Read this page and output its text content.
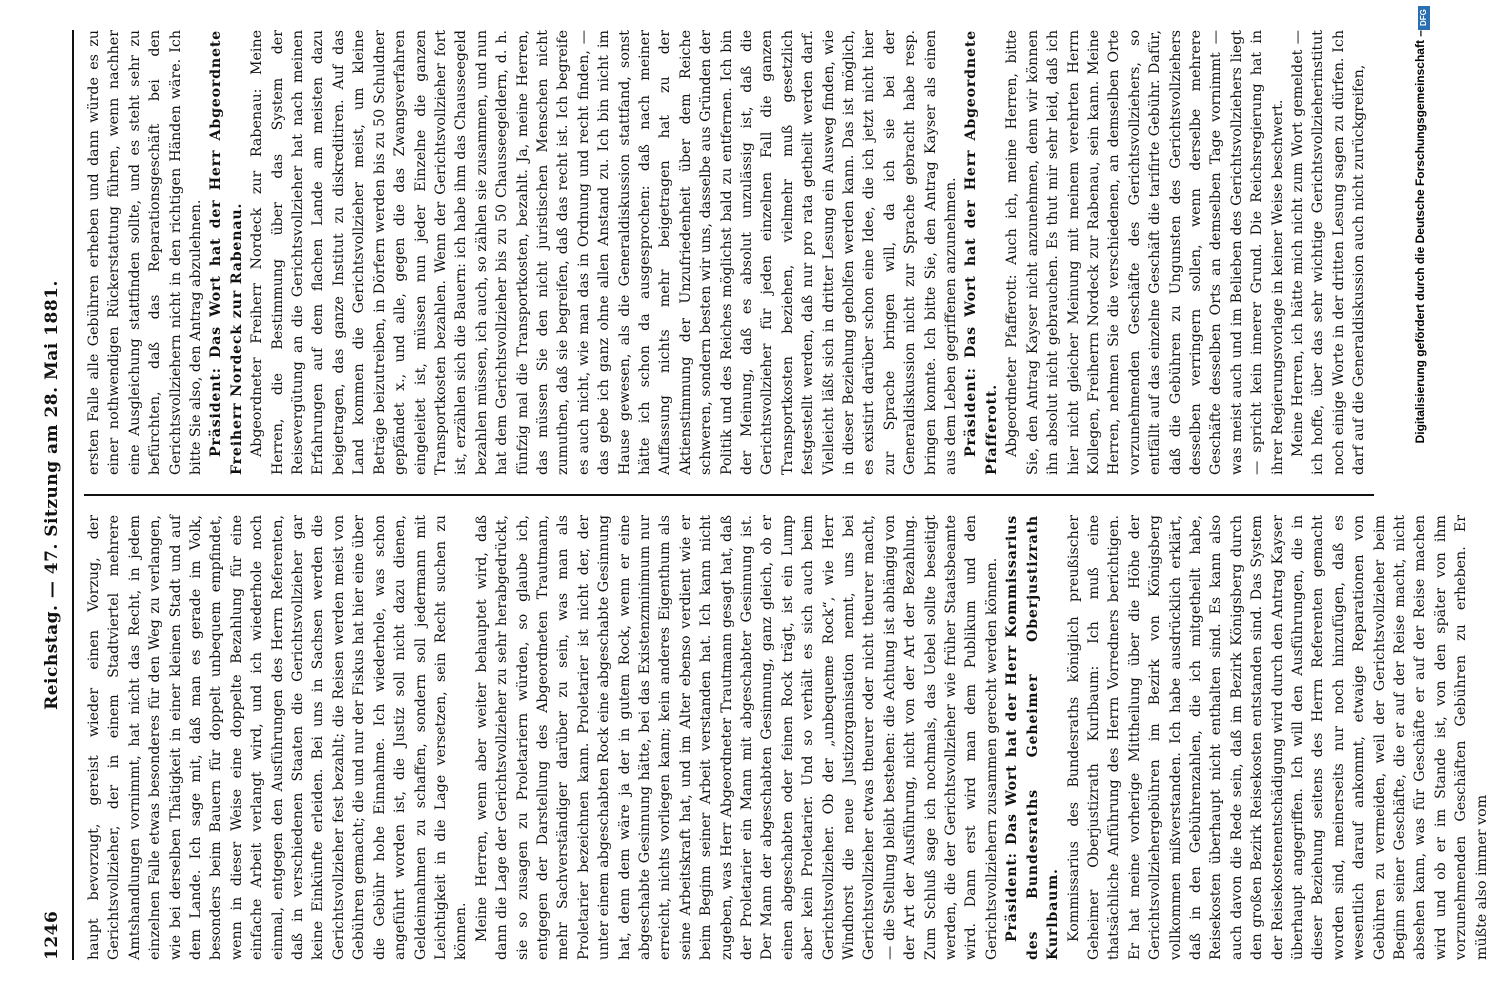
1246
Reichstag. — 47. Sitzung am 28. Mai 1881.

haupt bevorzugt, gereist wieder einen Vorzug, der Gerichtsvollzieher, der in einem Stadtviertel mehrere Amtshandlungen vornimmt, hat nicht das Recht, in jedem einzelnen Falle etwas besonderes für den Weg zu verlangen, wie bei derselben Thätigkeit in einer kleinen Stadt und auf dem Lande. Ich sage mit, daß man es gerade im Volk, besonders beim Bauern für doppelt unbequem empfindet, wenn in dieser Weise eine doppelte Bezahlung für eine einfache Arbeit verlangt wird, und ich wiederhole noch einmal, entgegen den Ausführungen des Herrn Referenten, daß in verschiedenen Staaten die Gerichtsvollzieher gar keine Einkünfte erleiden. Bei uns in Sachsen werden die Gerichtsvollzieher fest bezahlt; die Reisen werden meist von Gebühren gemacht; die und nur der Fiskus hat hier eine über die Gebühr hohe Einnahme. Ich wiederhole, was schon angeführt worden ist, die Justiz soll nicht dazu dienen, Geldeinnahmen zu schaffen, sondern soll jedermann mit Leichtigkeit in die Lage versetzen, sein Recht suchen zu können. Meine Herren, wenn aber weiter behauptet wird, daß dann die Lage der Gerichtsvollzieher zu sehr herabgedrückt, sie so zusagen zu Proletariern würden, so glaube ich, entgegen der Darstellung des Abgeordneten Trautmann, mehr Sachverständiger darüber zu sein, was man als Proletarier bezeichnen kann. Proletarier ist nicht der, der unter einem abgeschabten Rock eine abgeschabte Gesinnung hat, denn dem wäre ja der in gutem Rock, wenn er eine abgeschabte Gesinnung hätte, bei das Existenzminimum nur erreicht, nichts vorliegen kann; kein anderes Eigenthum als seine Arbeitskraft hat, und im Alter ebenso verdient wie er beim Beginn seiner Arbeit verstanden hat. Ich kann nicht zugeben, was Herr Abgeordneter Trautmann gesagt hat, daß der Proletarier ein Mann mit abgeschabter Gesinnung ist. Der Mann der abgeschabten Gesinnung, ganz gleich, ob er einen abgeschabten oder feinen Rock trägt, ist ein Lump aber kein Proletarier. Und so verhält es sich auch beim Gerichtsvollzieher. Ob der „unbequeme Rock“, wie Herr Windhorst die neue Justizorganisation nennt, uns bei Gerichtsvollzieher etwas theurer oder nicht theurer macht, — die Stellung bleibt bestehen: die Achtung ist abhängig von der Art der Ausführung, nicht von der Art der Bezahlung. Zum Schluß sage ich nochmals, das Uebel sollte beseitigt werden, die der Gerichtsvollzieher wie früher Staatsbeamte wird. Dann erst wird man dem Publikum und den Gerichtsvollziehern zusammen gerecht werden können. Präsident: Das Wort hat der Herr Kommissarius des Bundesraths Geheimer Oberjustizrath Kurlbaum. Kommissarius des Bundesraths königlich preußischer Geheimer Oberjustizrath Kurlbaum: Ich muß eine thatsächliche Anführung des Herrn Vorredners berichtigen. Er hat meine vorherige Mittheilung über die Höhe der Gerichtsvollziehergebühren im Bezirk von Königsberg vollkommen mißverstanden. Ich habe ausdrücklich erklärt, daß in den Gebührenzahlen, die ich mitgetheilt habe, Reisekosten überhaupt nicht enthalten sind. Es kann also auch davon die Rede sein, daß im Bezirk Königsberg durch den großen Bezirk Reisekosten entstanden sind. Das System der Reisekostenentschädigung wird durch den Antrag Kayser überhaupt angegriffen. Ich will den Ausführungen, die in dieser Beziehung seitens des Herrn Referenten gemacht worden sind, meinerseits nur noch hinzufügen, daß es wesentlich darauf ankommt, etwaige Reparationen von Gebühren zu vermeiden, weil der Gerichtsvollzieher beim Beginn seiner Geschäfte, die er auf der Reise macht, nicht absehen kann, was für Geschäfte er auf der Reise machen wird und ob er im Stande ist, von den später von ihm vorzunehmenden Geschäften Gebühren zu erheben. Er müßte also immer vom

ersten Falle alle Gebühren erheben und dann würde es zu einer nothwendigen Rückerstattung führen, wenn nachher eine Ausgleichung stattfinden sollte, und es steht sehr zu befürchten, daß das Reparationsgeschäft bei den Gerichtsvollziehern nicht in den richtigen Händen wäre. Ich bitte Sie also, den Antrag abzulehnen. Präsident: Das Wort hat der Herr Abgeordnete Freiherr Nordeck zur Rabenau. Abgeordneter Freiherr Nordeck zur Rabenau: Meine Herren, die Bestimmung über das System der Reisevergütung an die Gerichtsvollzieher hat nach meinen Erfahrungen auf dem flachen Lande am meisten dazu beigetragen, das ganze Institut zu diskreditiren. Auf das Land kommen die Gerichtsvollzieher meist, um kleine Beträge beizutreiben, in Dörfern werden bis zu 50 Schuldner gepfändet x., und alle, gegen die das Zwangsverfahren eingeleitet ist, müssen nun jeder Einzelne die ganzen Transportkosten bezahlen. Wenn der Gerichtsvollzieher fort ist, erzählen sich die Bauern: ich habe ihm das Chausseegeld bezahlen müssen, ich auch, so zählen sie zusammen, und nun hat dem Gerichtsvollzieher bis zu 50 Chausseegeldern, d. h. fünfzig mal die Transportkosten, bezahlt. Ja, meine Herren, das müssen Sie den nicht juristischen Menschen nicht zumuthen, daß sie begreifen, daß das recht ist. Ich begreife es auch nicht, wie man das in Ordnung und recht finden, — das gebe ich ganz ohne allen Anstand zu. Ich bin nicht im Hause gewesen, als die Generaldiskussion stattfand, sonst hätte ich schon da ausgesprochen: daß nach meiner Auffassung nichts mehr beigetragen hat zu der Aktienstimmung der Unzufriedenheit über dem Reiche schweren, sondern besten wir uns, dasselbe aus Gründen der Politik und des Reiches möglichst bald zu entfernen. Ich bin der Meinung, daß es absolut unzulässig ist, daß die Gerichtsvollzieher für jeden einzelnen Fall die ganzen Transportkosten beziehen, vielmehr muß gesetzlich festgestellt werden, daß nur pro rata getheilt werden darf. Vielleicht läßt sich in dritter Lesung ein Ausweg finden, wie in dieser Beziehung geholfen werden kann. Das ist möglich, es existirt darüber schon eine Idee, die ich jetzt nicht hier zur Sprache bringen will, da ich sie bei der Generaldiskussion nicht zur Sprache gebracht habe resp. bringen konnte. Ich bitte Sie, den Antrag Kayser als einen aus dem Leben gegriffenen anzunehmen. Präsident: Das Wort hat der Herr Abgeordnete Pfafferott. Abgeordneter Pfafferott: Auch ich, meine Herren, bitte Sie, den Antrag Kayser nicht anzunehmen, denn wir können ihn absolut nicht gebrauchen. Es thut mir sehr leid, daß ich hier nicht gleicher Meinung mit meinem verehrten Herrn Kollegen, Freiherrn Nordeck zur Rabenau, sein kann. Meine Herren, nehmen Sie die verschiedenen, an demselben Orte vorzunehmenden Geschäfte des Gerichtsvollziehers, so entfällt auf das einzelne Geschäft die tarifirte Gebühr. Dafür, daß die Gebühren zu Ungunsten des Gerichtsvollziehers desselben verringern sollen, wenn derselbe mehrere Geschäfte desselben Orts an demselben Tage vornimmt — was meist auch und im Belieben des Gerichtsvollziehers liegt — spricht kein innerer Grund. Die Reichsregierung hat in ihrer Regierungsvorlage in keiner Weise beschwert. Meine Herren, ich hätte mich nicht zum Wort gemeldet — ich hoffe, über das sehr wichtige Gerichtsvollzieherinstitut noch einige Worte in der dritten Lesung sagen zu dürfen. Ich darf auf die Generaldiskussion auch nicht zurückgreifen,	Digitalisierung gefördert durch die Deutsche Forschungsgemeinschaft –
DFG
